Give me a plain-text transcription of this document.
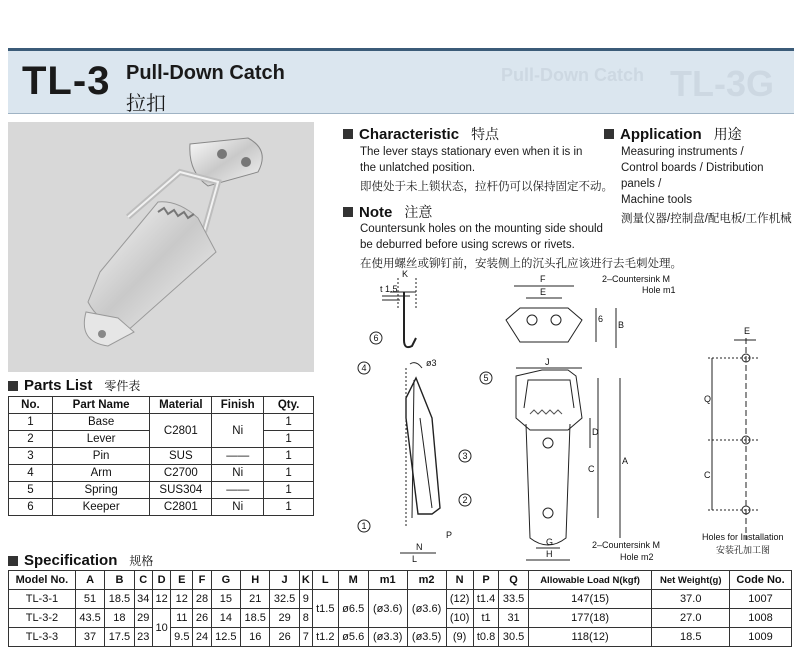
TL-3G
Pull-Down Catch
TL-3 Pull-Down Catch
拉扣
Characteristic 特点
The lever stays stationary even when it is in
the unlatched position.
即使处于未上锁状态，拉杆仍可以保持固定不动。
Application 用途
Measuring instruments /
Control boards / Distribution panels /
Machine tools
测量仪器/控制盘/配电板/工作机械
Note 注意
Countersunk holes on the mounting side should
be deburred before using screws or rivets.
在使用螺丝或铆钉前，安装侧上的沉头孔应该进行去毛刺处理。
6
4
5
3
2
1
t 1.5
K	F
E
6
B
2–Countersink M
Hole m1
ø3	J
D
C
A
L
P
N	G
H
2–Countersink M
Hole m2
Q
C
E
Holes for Installation
安装孔加工图
Parts List 零件表
No.	Part Name	Material	Finish	Qty.
1	Base	C2801	Ni	1
2	Lever			1
3	Pin	SUS	——	1
4	Arm	C2700	Ni	1
5	Spring	SUS304	——	1
6	Keeper	C2801	Ni	1
Specification 规格
Model No.	A	B	C	D	E	F	G	H	J	K	L	M	m1	m2	N	P	Q	Allowable Load N(kgf)	Net Weight(g)	Code No.
TL-3-1	51	18.5	34	12	12	28	15	21	32.5	9	t1.5	ø6.5	(ø3.6)	(ø3.6)	(12)	t1.4	33.5	147(15)	37.0	1007
TL-3-2	43.5	18	29	10	11	26	14	18.5	29	8					(10)	t1	31	177(18)	27.0	1008
TL-3-3	37	17.5	23		9.5	24	12.5	16	26	7	t1.2	ø5.6	(ø3.3)	(ø3.5)	(9)	t0.8	30.5	118(12)	18.5	1009
